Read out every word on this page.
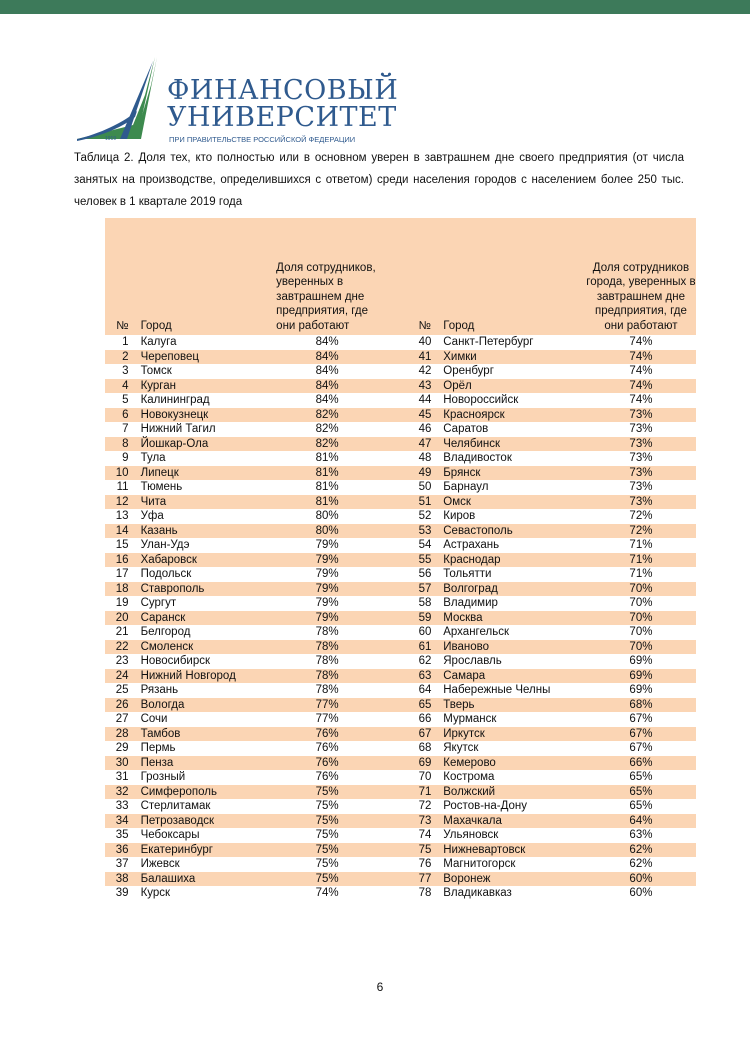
1919
ФИНАНСОВЫЙ
УНИВЕРСИТЕТ
ПРИ ПРАВИТЕЛЬСТВЕ РОССИЙСКОЙ ФЕДЕРАЦИИ

Таблица 2. Доля тех, кто полностью или в основном уверен в завтрашнем дне своего предприятия (от числа занятых на производстве, определившихся с ответом) среди населения городов с населением более 250 тыс. человек в 1 квартале 2019 года

№	Город	Доля сотрудников, уверенных в завтрашнем дне предприятия, где они работают		№	Город	Доля сотрудников города, уверенных в завтрашнем дне предприятия, где они работают
1	Калуга	84%		40	Санкт-Петербург	74%
2	Череповец	84%		41	Химки	74%
3	Томск	84%		42	Оренбург	74%
4	Курган	84%		43	Орёл	74%
5	Калининград	84%		44	Новороссийск	74%
6	Новокузнецк	82%		45	Красноярск	73%
7	Нижний Тагил	82%		46	Саратов	73%
8	Йошкар-Ола	82%		47	Челябинск	73%
9	Тула	81%		48	Владивосток	73%
10	Липецк	81%		49	Брянск	73%
11	Тюмень	81%		50	Барнаул	73%
12	Чита	81%		51	Омск	73%
13	Уфа	80%		52	Киров	72%
14	Казань	80%		53	Севастополь	72%
15	Улан-Удэ	79%		54	Астрахань	71%
16	Хабаровск	79%		55	Краснодар	71%
17	Подольск	79%		56	Тольятти	71%
18	Ставрополь	79%		57	Волгоград	70%
19	Сургут	79%		58	Владимир	70%
20	Саранск	79%		59	Москва	70%
21	Белгород	78%		60	Архангельск	70%
22	Смоленск	78%		61	Иваново	70%
23	Новосибирск	78%		62	Ярославль	69%
24	Нижний Новгород	78%		63	Самара	69%
25	Рязань	78%		64	Набережные Челны	69%
26	Вологда	77%		65	Тверь	68%
27	Сочи	77%		66	Мурманск	67%
28	Тамбов	76%		67	Иркутск	67%
29	Пермь	76%		68	Якутск	67%
30	Пенза	76%		69	Кемерово	66%
31	Грозный	76%		70	Кострома	65%
32	Симферополь	75%		71	Волжский	65%
33	Стерлитамак	75%		72	Ростов-на-Дону	65%
34	Петрозаводск	75%		73	Махачкала	64%
35	Чебоксары	75%		74	Ульяновск	63%
36	Екатеринбург	75%		75	Нижневартовск	62%
37	Ижевск	75%		76	Магнитогорск	62%
38	Балашиха	75%		77	Воронеж	60%
39	Курск	74%		78	Владикавказ	60%
6
